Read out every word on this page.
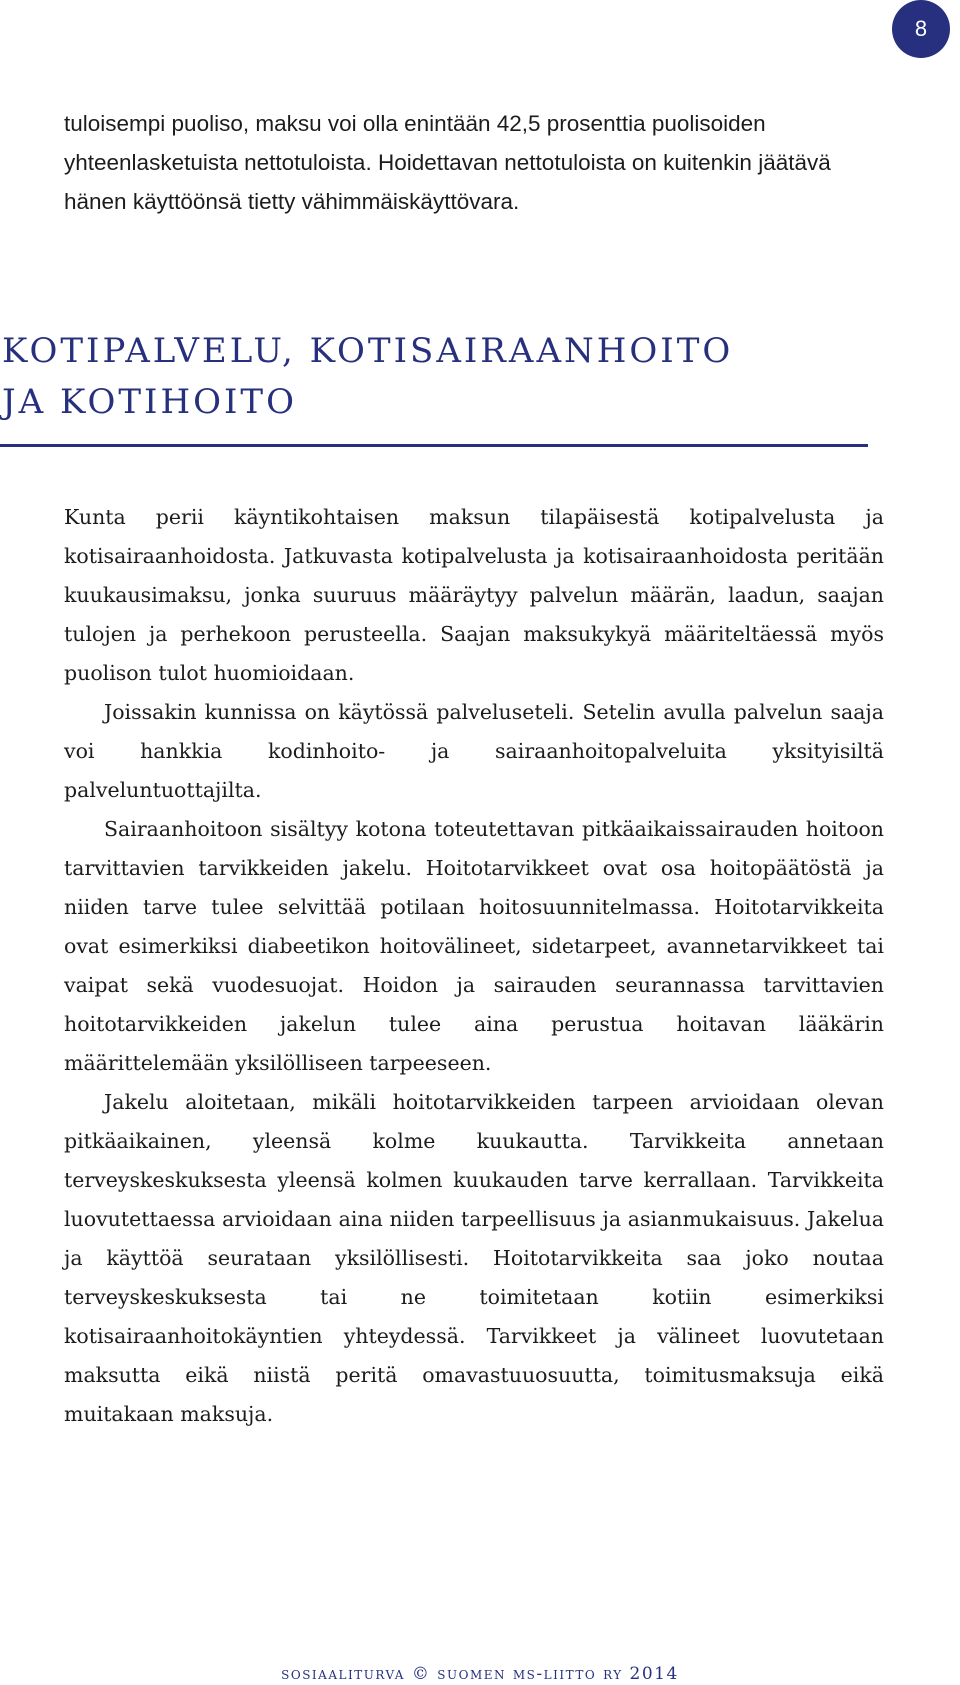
8

tuloisempi puoliso, maksu voi olla enintään 42,5 prosenttia puolisoiden yhteenlasketuista nettotuloista. Hoidettavan nettotuloista on kuitenkin jäätävä hänen käyttöönsä tietty vähimmäiskäyttövara.

KOTIPALVELU, KOTISAIRAANHOITO
JA KOTIHOITO

Kunta perii käyntikohtaisen maksun tilapäisestä kotipalvelusta ja kotisairaanhoidosta. Jatkuvasta kotipalvelusta ja kotisairaanhoidosta peritään kuukausimaksu, jonka suuruus määräytyy palvelun määrän, laadun, saajan tulojen ja perhekoon perusteella. Saajan maksukykyä määriteltäessä myös puolison tulot huomioidaan.

Joissakin kunnissa on käytössä palveluseteli. Setelin avulla palvelun saaja voi hankkia kodinhoito- ja sairaanhoitopalveluita yksityisiltä palveluntuottajilta.

Sairaanhoitoon sisältyy kotona toteutettavan pitkäaikaissairauden hoitoon tarvittavien tarvikkeiden jakelu. Hoitotarvikkeet ovat osa hoitopäätöstä ja niiden tarve tulee selvittää potilaan hoitosuunnitelmassa. Hoitotarvikkeita ovat esimerkiksi diabeetikon hoitovälineet, sidetarpeet, avannetarvikkeet tai vaipat sekä vuodesuojat. Hoidon ja sairauden seurannassa tarvittavien hoitotarvikkeiden jakelun tulee aina perustua hoitavan lääkärin määrittelemään yksilölliseen tarpeeseen.

Jakelu aloitetaan, mikäli hoitotarvikkeiden tarpeen arvioidaan olevan pitkäaikainen, yleensä kolme kuukautta. Tarvikkeita annetaan terveyskeskuksesta yleensä kolmen kuukauden tarve kerrallaan. Tarvikkeita luovutettaessa arvioidaan aina niiden tarpeellisuus ja asianmukaisuus. Jakelua ja käyttöä seurataan yksilöllisesti. Hoitotarvikkeita saa joko noutaa terveyskeskuksesta tai ne toimitetaan kotiin esimerkiksi kotisairaanhoitokäyntien yhteydessä. Tarvikkeet ja välineet luovutetaan maksutta eikä niistä peritä omavastuuosuutta, toimitusmaksuja eikä muitakaan maksuja.

sosiaaliturva © suomen ms-liitto ry 2014
